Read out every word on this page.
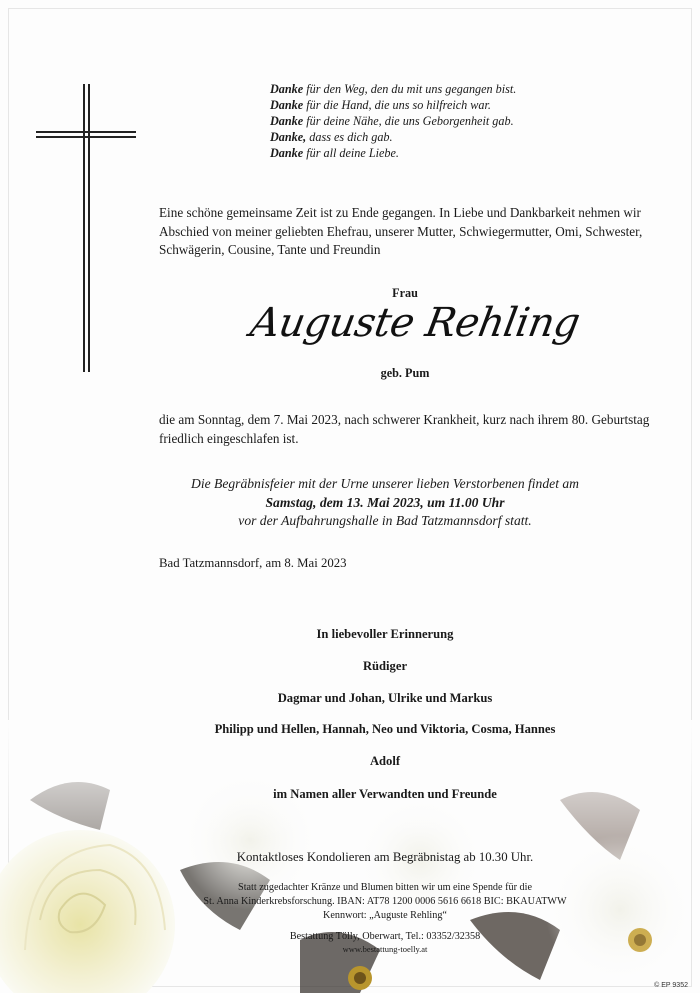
Danke für den Weg, den du mit uns gegangen bist.
Danke für die Hand, die uns so hilfreich war.
Danke für deine Nähe, die uns Geborgenheit gab.
Danke, dass es dich gab.
Danke für all deine Liebe.
Eine schöne gemeinsame Zeit ist zu Ende gegangen. In Liebe und Dankbarkeit nehmen wir Abschied von meiner geliebten Ehefrau, unserer Mutter, Schwiegermutter, Omi, Schwester, Schwägerin, Cousine, Tante und Freundin
Frau
Auguste Rehling
geb. Pum
die am Sonntag, dem 7. Mai 2023, nach schwerer Krankheit, kurz nach ihrem 80. Geburtstag friedlich eingeschlafen ist.
Die Begräbnisfeier mit der Urne unserer lieben Verstorbenen findet am
Samstag, dem 13. Mai 2023, um 11.00 Uhr
vor der Aufbahrungshalle in Bad Tatzmannsdorf statt.
Bad Tatzmannsdorf, am 8. Mai 2023
In liebevoller Erinnerung
Rüdiger
Dagmar und Johan, Ulrike und Markus
Philipp und Hellen, Hannah, Neo und Viktoria, Cosma, Hannes
Adolf
im Namen aller Verwandten und Freunde
Kontaktloses Kondolieren am Begräbnistag ab 10.30 Uhr.
Statt zugedachter Kränze und Blumen bitten wir um eine Spende für die
St. Anna Kinderkrebsforschung. IBAN: AT78 1200 0006 5616 6618 BIC: BKAUATWW
Kennwort: „Auguste Rehling“
Bestattung Tölly, Oberwart, Tel.: 03352/32358
www.bestattung-toelly.at
© EP 9352
